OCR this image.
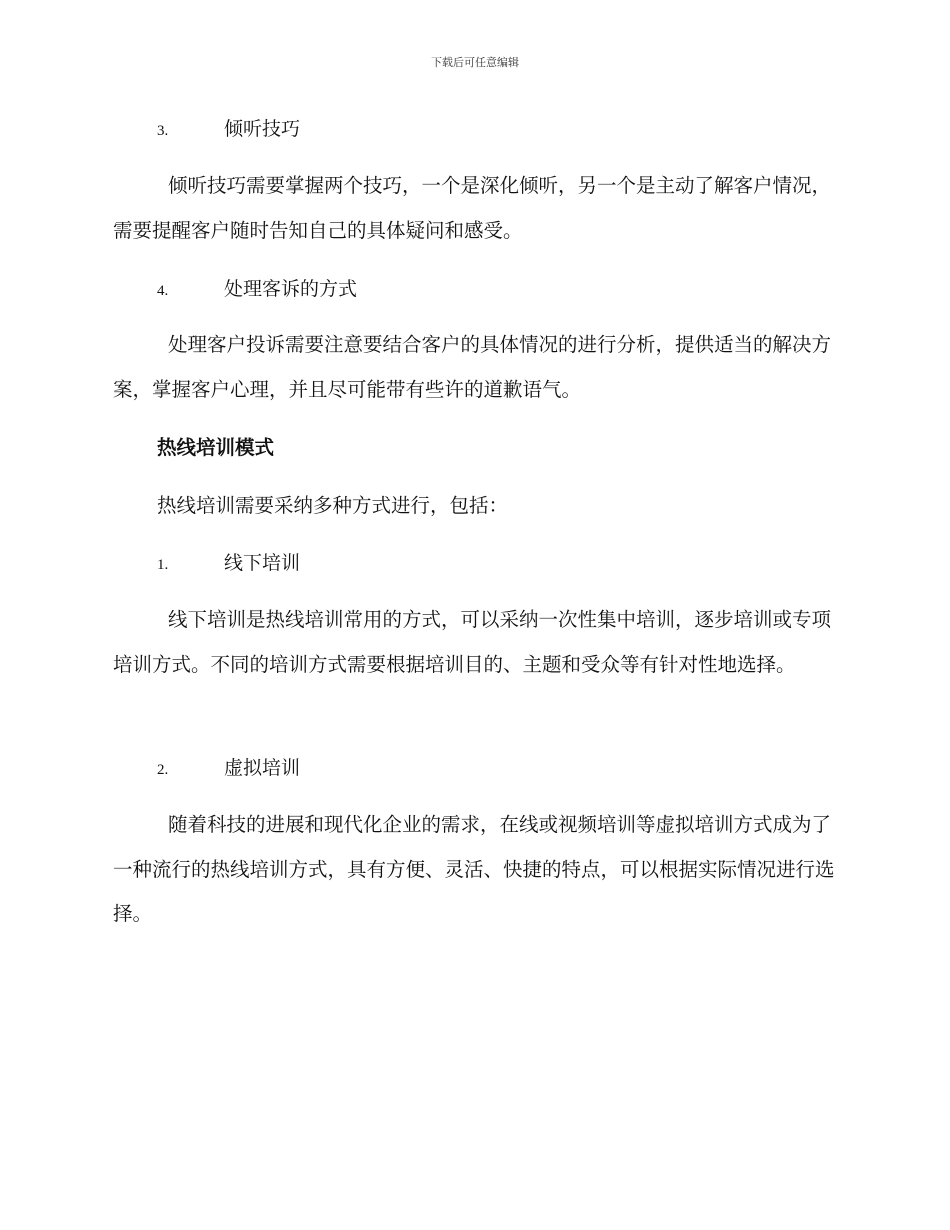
下载后可任意编辑
3.	倾听技巧

倾听技巧需要掌握两个技巧，一个是深化倾听，另一个是主动了解客户情况，需要提醒客户随时告知自己的具体疑问和感受。

4.	处理客诉的方式

处理客户投诉需要注意要结合客户的具体情况的进行分析，提供适当的解决方案，掌握客户心理，并且尽可能带有些许的道歉语气。

热线培训模式

热线培训需要采纳多种方式进行，包括：

1.	线下培训

线下培训是热线培训常用的方式，可以采纳一次性集中培训，逐步培训或专项培训方式。不同的培训方式需要根据培训目的、主题和受众等有针对性地选择。

2.	虚拟培训

随着科技的进展和现代化企业的需求，在线或视频培训等虚拟培训方式成为了一种流行的热线培训方式，具有方便、灵活、快捷的特点，可以根据实际情况进行选择。
